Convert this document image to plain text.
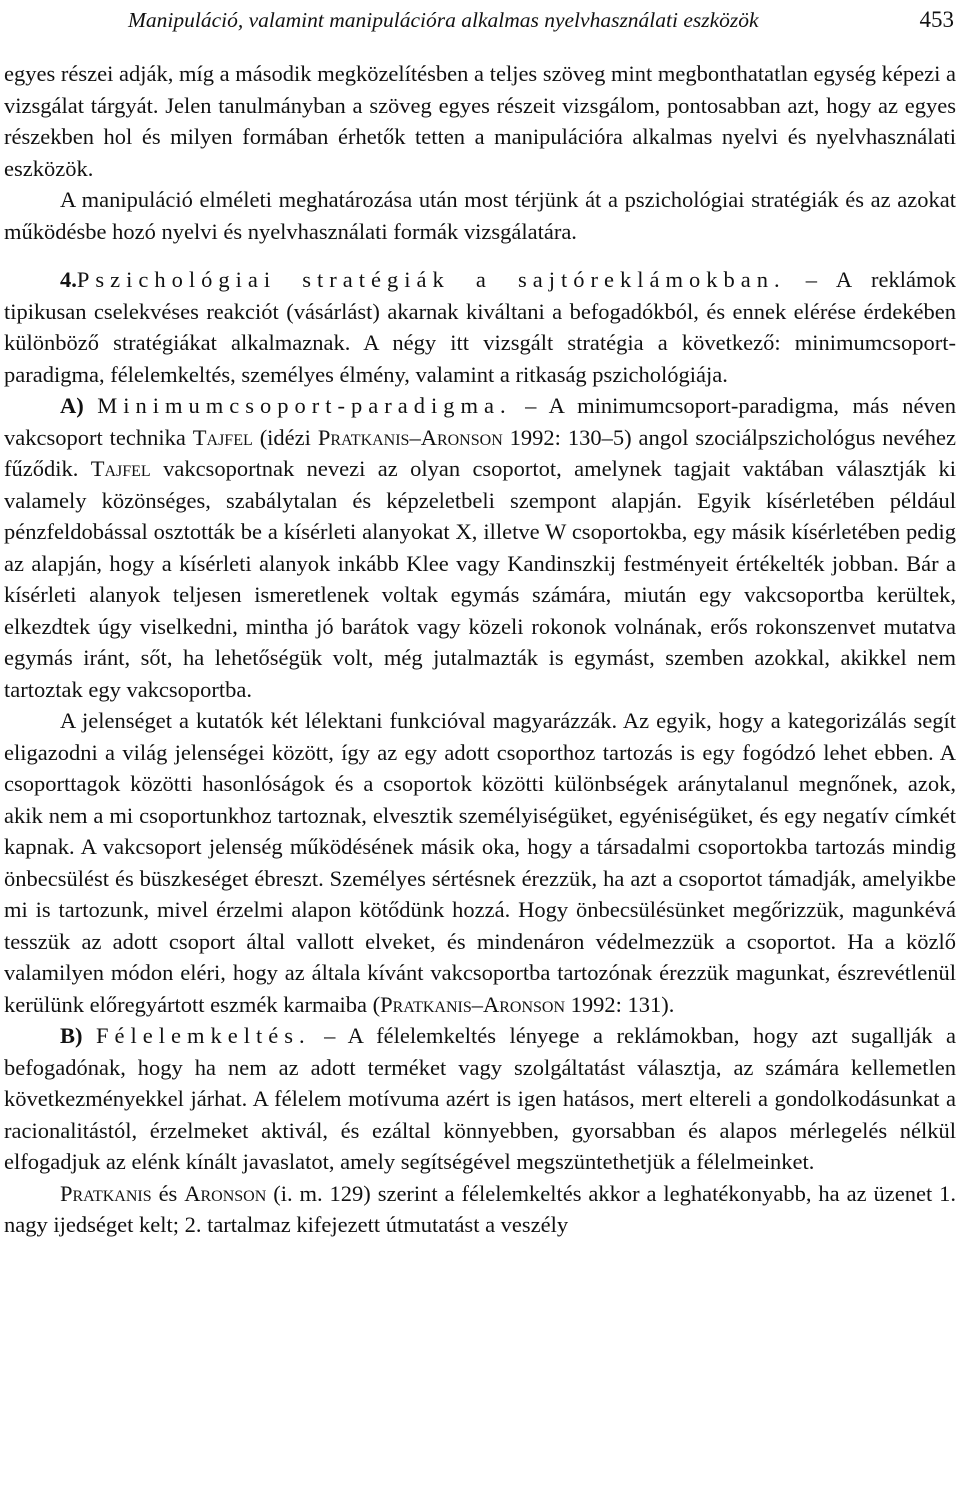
Manipuláció, valamint manipulációra alkalmas nyelvhasználati eszközök	453

egyes részei adják, míg a második megközelítésben a teljes szöveg mint megbonthatatlan egység képezi a vizsgálat tárgyát. Jelen tanulmányban a szöveg egyes részeit vizsgálom, pontosabban azt, hogy az egyes részekben hol és milyen formában érhetők tetten a manipulációra alkalmas nyelvi és nyelvhasználati eszközök.

A manipuláció elméleti meghatározása után most térjünk át a pszichológiai stratégiák és az azokat működésbe hozó nyelvi és nyelvhasználati formák vizsgálatára.

4.Pszichológiai stratégiák a sajtóreklámokban. – A reklámok tipikusan cselekvéses reakciót (vásárlást) akarnak kiváltani a befogadókból, és ennek elérése érdekében különböző stratégiákat alkalmaznak. A négy itt vizsgált stratégia a következő: minimumcsoport-paradigma, félelemkeltés, személyes élmény, valamint a ritkaság pszichológiája.

A) Minimumcsoport-paradigma. – A minimumcsoport-paradigma, más néven vakcsoport technika Tajfel (idézi Pratkanis–Aronson 1992: 130–5) angol szociálpszichológus nevéhez fűződik. Tajfel vakcsoportnak nevezi az olyan csoportot, amelynek tagjait vaktában választják ki valamely közönséges, szabálytalan és képzeletbeli szempont alapján. Egyik kísérletében például pénzfeldobással osztották be a kísérleti alanyokat X, illetve W csoportokba, egy másik kísérletében pedig az alapján, hogy a kísérleti alanyok inkább Klee vagy Kandinszkij festményeit értékelték jobban. Bár a kísérleti alanyok teljesen ismeretlenek voltak egymás számára, miután egy vakcsoportba kerültek, elkezdtek úgy viselkedni, mintha jó barátok vagy közeli rokonok volnának, erős rokonszenvet mutatva egymás iránt, sőt, ha lehetőségük volt, még jutalmazták is egymást, szemben azokkal, akikkel nem tartoztak egy vakcsoportba.

A jelenséget a kutatók két lélektani funkcióval magyarázzák. Az egyik, hogy a kategorizálás segít eligazodni a világ jelenségei között, így az egy adott csoporthoz tartozás is egy fogódzó lehet ebben. A csoporttagok közötti hasonlóságok és a csoportok közötti különbségek aránytalanul megnőnek, azok, akik nem a mi csoportunkhoz tartoznak, elvesztik személyiségüket, egyéniségüket, és egy negatív címkét kapnak. A vakcsoport jelenség működésének másik oka, hogy a társadalmi csoportokba tartozás mindig önbecsülést és büszkeséget ébreszt. Személyes sértésnek érezzük, ha azt a csoportot támadják, amelyikbe mi is tartozunk, mivel érzelmi alapon kötődünk hozzá. Hogy önbecsülésünket megőrizzük, magunkévá tesszük az adott csoport által vallott elveket, és mindenáron védelmezzük a csoportot. Ha a közlő valamilyen módon eléri, hogy az általa kívánt vakcsoportba tartozónak érezzük magunkat, észrevétlenül kerülünk előregyártott eszmék karmaiba (Pratkanis–Aronson 1992: 131).

B) Félelemkeltés. – A félelemkeltés lényege a reklámokban, hogy azt sugallják a befogadónak, hogy ha nem az adott terméket vagy szolgáltatást választja, az számára kellemetlen következményekkel járhat. A félelem motívuma azért is igen hatásos, mert eltereli a gondolkodásunkat a racionalitástól, érzelmeket aktivál, és ezáltal könnyebben, gyorsabban és alapos mérlegelés nélkül elfogadjuk az elénk kínált javaslatot, amely segítségével megszüntethetjük a félelmeinket.

Pratkanis és Aronson (i. m. 129) szerint a félelemkeltés akkor a leghatékonyabb, ha az üzenet 1. nagy ijedséget kelt; 2. tartalmaz kifejezett útmutatást a veszély
